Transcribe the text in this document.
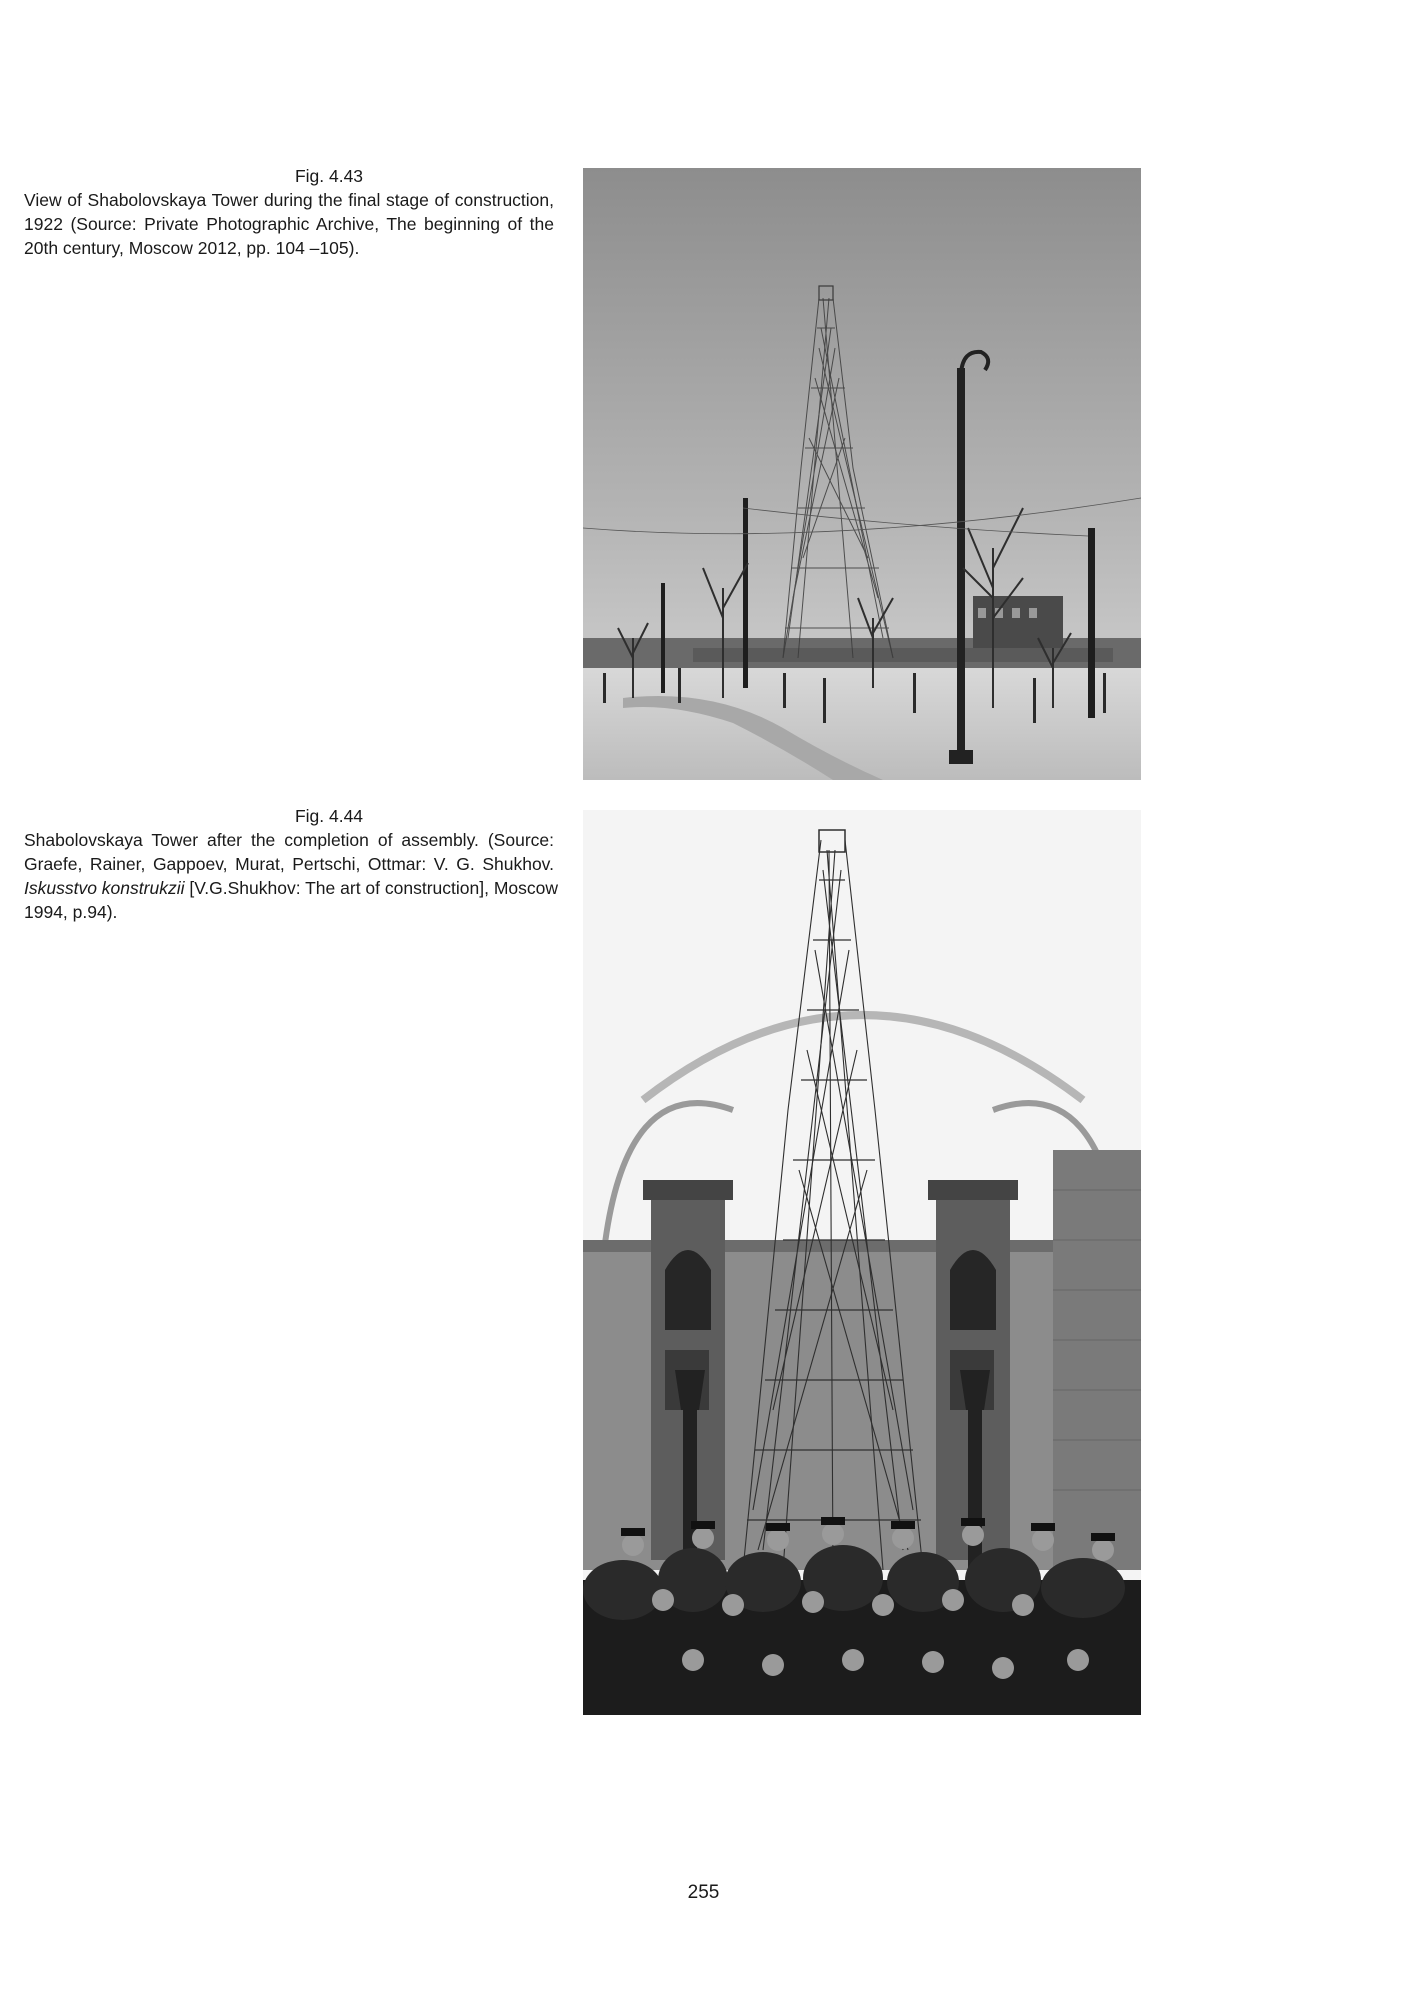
Fig. 4.43
View of Shabolovskaya Tower during the final stage of construction,
1922 (Source: Private Photographic Archive, The beginning of the
20th century, Moscow 2012, pp. 104 –105).
Fig. 4.44
Shabolovskaya Tower after the completion of assembly. (Source:
Graefe, Rainer, Gappoev, Murat, Pertschi, Ottmar: V. G. Shukhov.
Iskusstvo konstrukzii [V.G.Shukhov: The art of construction], Moscow
1994, p.94).
255
